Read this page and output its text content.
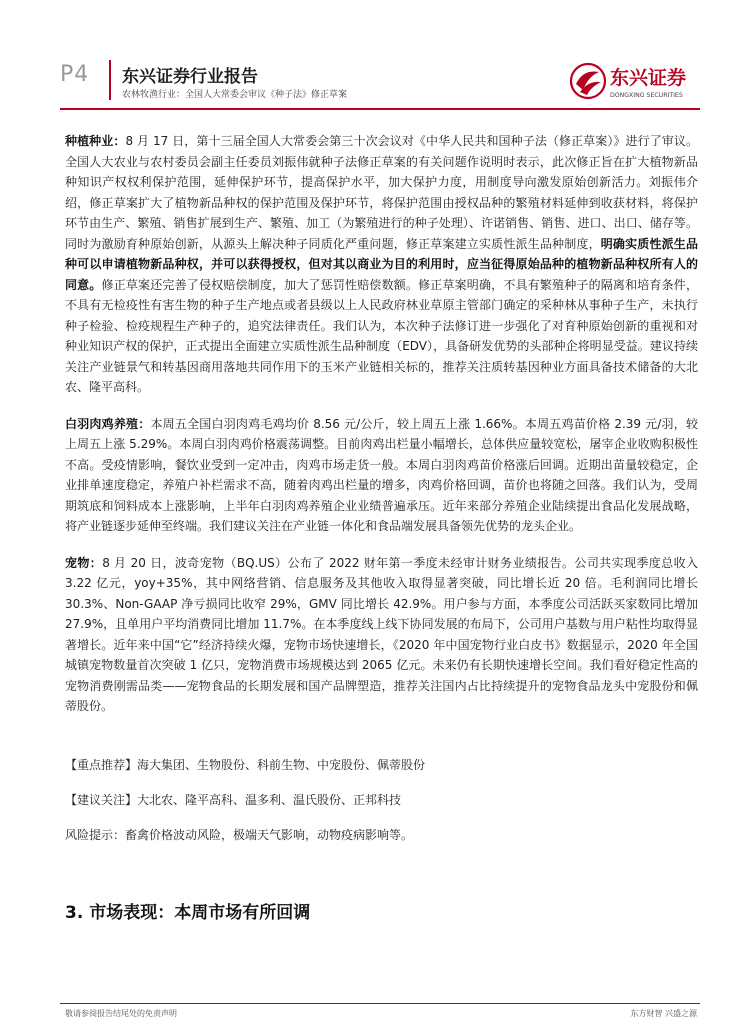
P4 东兴证券行业报告
农林牧渔行业：全国人大常委会审议《种子法》修正草案
东兴证券
DONGXING SECURITIES

种植种业：8 月 17 日，第十三届全国人大常委会第三十次会议对《中华人民共和国种子法（修正草案）》进行了审议。全国人大农业与农村委员会副主任委员刘振伟就种子法修正草案的有关问题作说明时表示，此次修正旨在扩大植物新品种知识产权权利保护范围，延伸保护环节，提高保护水平，加大保护力度，用制度导向激发原始创新活力。刘振伟介绍，修正草案扩大了植物新品种权的保护范围及保护环节，将保护范围由授权品种的繁殖材料延伸到收获材料，将保护环节由生产、繁殖、销售扩展到生产、繁殖、加工（为繁殖进行的种子处理）、许诺销售、销售、进口、出口、储存等。同时为激励育种原始创新，从源头上解决种子同质化严重问题，修正草案建立实质性派生品种制度，明确实质性派生品种可以申请植物新品种权，并可以获得授权，但对其以商业为目的利用时，应当征得原始品种的植物新品种权所有人的同意。修正草案还完善了侵权赔偿制度，加大了惩罚性赔偿数额。修正草案明确，不具有繁殖种子的隔离和培育条件，不具有无检疫性有害生物的种子生产地点或者县级以上人民政府林业草原主管部门确定的采种林从事种子生产，未执行种子检验、检疫规程生产种子的，追究法律责任。我们认为，本次种子法修订进一步强化了对育种原始创新的重视和对种业知识产权的保护，正式提出全面建立实质性派生品种制度（EDV），具备研发优势的头部种企将明显受益。建议持续关注产业链景气和转基因商用落地共同作用下的玉米产业链相关标的，推荐关注质转基因种业方面具备技术储备的大北农、隆平高科。

白羽肉鸡养殖：本周五全国白羽肉鸡毛鸡均价 8.56 元/公斤，较上周五上涨 1.66%。本周五鸡苗价格 2.39 元/羽，较上周五上涨 5.29%。本周白羽肉鸡价格震荡调整。目前肉鸡出栏量小幅增长，总体供应量较宽松，屠宰企业收购积极性不高。受疫情影响，餐饮业受到一定冲击，肉鸡市场走货一般。本周白羽肉鸡苗价格涨后回调。近期出苗量较稳定，企业排单速度稳定，养殖户补栏需求不高，随着肉鸡出栏量的增多，肉鸡价格回调，苗价也将随之回落。我们认为，受周期筑底和饲料成本上涨影响，上半年白羽肉鸡养殖企业业绩普遍承压。近年来部分养殖企业陆续提出食品化发展战略，将产业链逐步延伸至终端。我们建议关注在产业链一体化和食品端发展具备领先优势的龙头企业。

宠物：8 月 20 日，波奇宠物（BQ.US）公布了 2022 财年第一季度未经审计财务业绩报告。公司共实现季度总收入 3.22 亿元，yoy+35%，其中网络营销、信息服务及其他收入取得显著突破，同比增长近 20 倍。毛利润同比增长 30.3%、Non-GAAP 净亏损同比收窄 29%，GMV 同比增长 42.9%。用户参与方面，本季度公司活跃买家数同比增加 27.9%，且单用户平均消费同比增加 11.7%。在本季度线上线下协同发展的布局下，公司用户基数与用户粘性均取得显著增长。近年来中国“它”经济持续火爆，宠物市场快速增长，《2020 年中国宠物行业白皮书》数据显示，2020 年全国城镇宠物数量首次突破 1 亿只，宠物消费市场规模达到 2065 亿元。未来仍有长期快速增长空间。我们看好稳定性高的宠物消费刚需品类——宠物食品的长期发展和国产品牌塑造，推荐关注国内占比持续提升的宠物食品龙头中宠股份和佩蒂股份。

【重点推荐】海大集团、生物股份、科前生物、中宠股份、佩蒂股份
【建议关注】大北农、隆平高科、温多利、温氏股份、正邦科技
风险提示：畜禽价格波动风险，极端天气影响，动物疫病影响等。
3. 市场表现：本周市场有所回调
敬请参阅报告结尾处的免责声明	东方财智 兴盛之源
